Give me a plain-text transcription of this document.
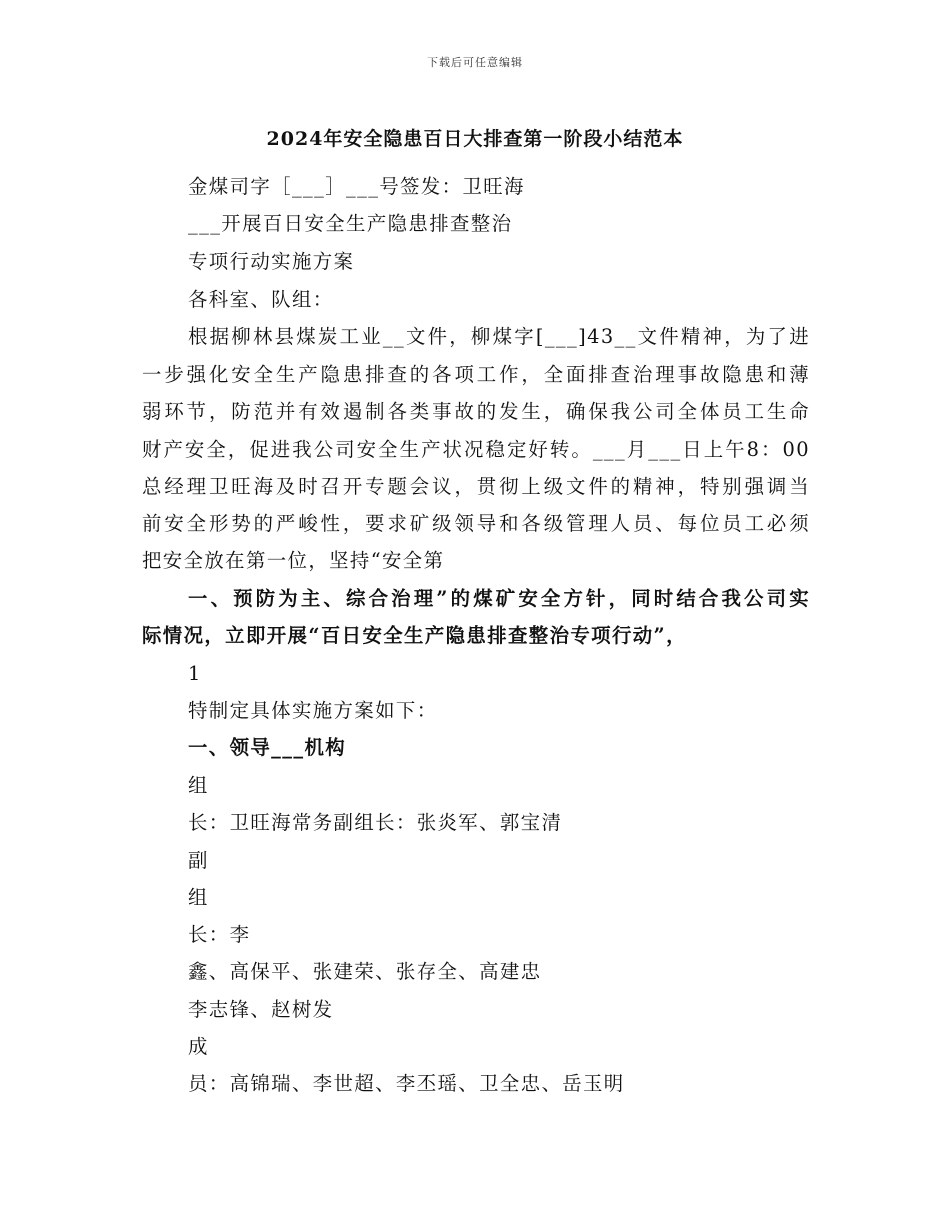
下载后可任意编辑
2024年安全隐患百日大排查第一阶段小结范本
金煤司字［___］___号签发：卫旺海
___开展百日安全生产隐患排查整治
专项行动实施方案
各科室、队组：
根据柳林县煤炭工业__文件，柳煤字[___]43__文件精神，为了进
一步强化安全生产隐患排查的各项工作，全面排查治理事故隐患和薄
弱环节，防范并有效遏制各类事故的发生，确保我公司全体员工生命
财产安全，促进我公司安全生产状况稳定好转。___月___日上午8：00
总经理卫旺海及时召开专题会议，贯彻上级文件的精神，特别强调当
前安全形势的严峻性，要求矿级领导和各级管理人员、每位员工必须
把安全放在第一位，坚持“安全第
一、预防为主、综合治理”的煤矿安全方针，同时结合我公司实
际情况，立即开展“百日安全生产隐患排查整治专项行动”，
1
特制定具体实施方案如下：
一、领导___机构
组
长：卫旺海常务副组长：张炎军、郭宝清
副
组
长：李
鑫、高保平、张建荣、张存全、高建忠
李志锋、赵树发
成
员：高锦瑞、李世超、李丕瑶、卫全忠、岳玉明
